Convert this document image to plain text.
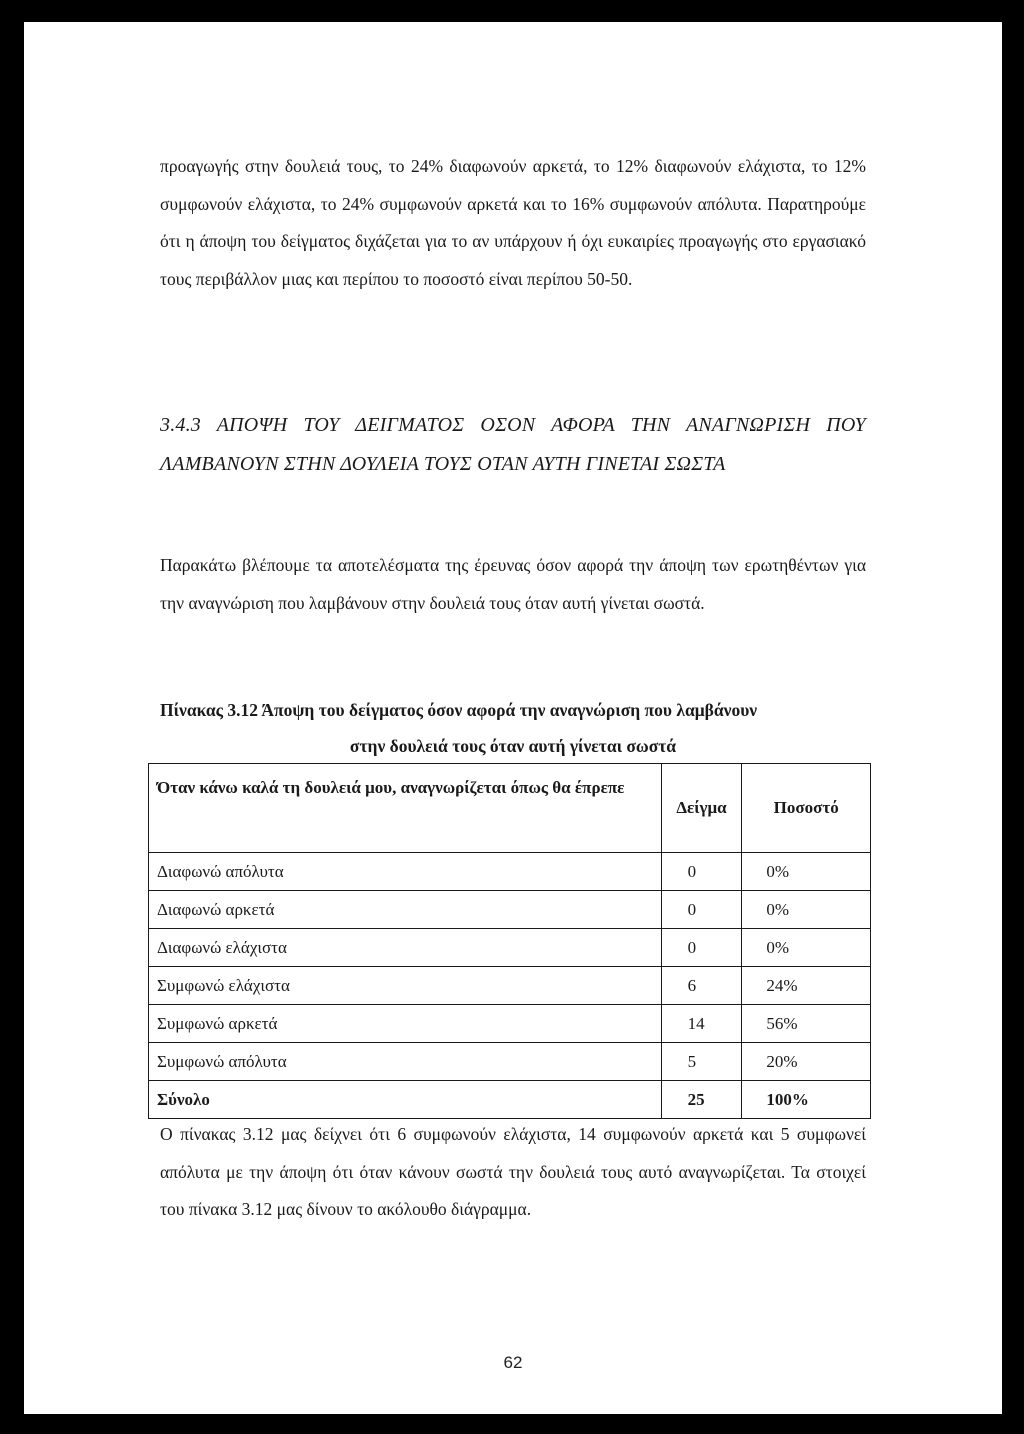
προαγωγής στην δουλειά τους, το 24% διαφωνούν αρκετά, το 12% διαφωνούν ελάχιστα, το 12% συμφωνούν ελάχιστα, το 24% συμφωνούν αρκετά και το 16% συμφωνούν απόλυτα. Παρατηρούμε ότι η άποψη του δείγματος διχάζεται για το αν υπάρχουν ή όχι ευκαιρίες προαγωγής στο εργασιακό τους περιβάλλον μιας και περίπου το ποσοστό είναι περίπου 50-50.
3.4.3 ΑΠΟΨΗ ΤΟΥ ΔΕΙΓΜΑΤΟΣ ΟΣΟΝ ΑΦΟΡΑ ΤΗΝ ΑΝΑΓΝΩΡΙΣΗ ΠΟΥ ΛΑΜΒΑΝΟΥΝ ΣΤΗΝ ΔΟΥΛΕΙΑ ΤΟΥΣ ΟΤΑΝ ΑΥΤΗ ΓΙΝΕΤΑΙ ΣΩΣΤΑ
Παρακάτω βλέπουμε τα αποτελέσματα της έρευνας όσον αφορά την άποψη των ερωτηθέντων για την αναγνώριση που λαμβάνουν στην δουλειά τους όταν αυτή γίνεται σωστά.
Πίνακας 3.12 Άποψη του δείγματος όσον αφορά την αναγνώριση που λαμβάνουν
στην δουλειά τους όταν αυτή γίνεται σωστά
Όταν κάνω καλά τη δουλειά μου, αναγνωρίζεται όπως θα έπρεπε	Δείγμα	Ποσοστό
Διαφωνώ απόλυτα	0	0%
Διαφωνώ αρκετά	0	0%
Διαφωνώ ελάχιστα	0	0%
Συμφωνώ ελάχιστα	6	24%
Συμφωνώ αρκετά	14	56%
Συμφωνώ απόλυτα	5	20%
Σύνολο	25	100%
Ο πίνακας 3.12 μας δείχνει ότι 6 συμφωνούν ελάχιστα, 14 συμφωνούν αρκετά και 5 συμφωνεί απόλυτα με την άποψη ότι όταν κάνουν σωστά την δουλειά τους αυτό αναγνωρίζεται. Τα στοιχεί του πίνακα 3.12 μας δίνουν το ακόλουθο διάγραμμα.
62
